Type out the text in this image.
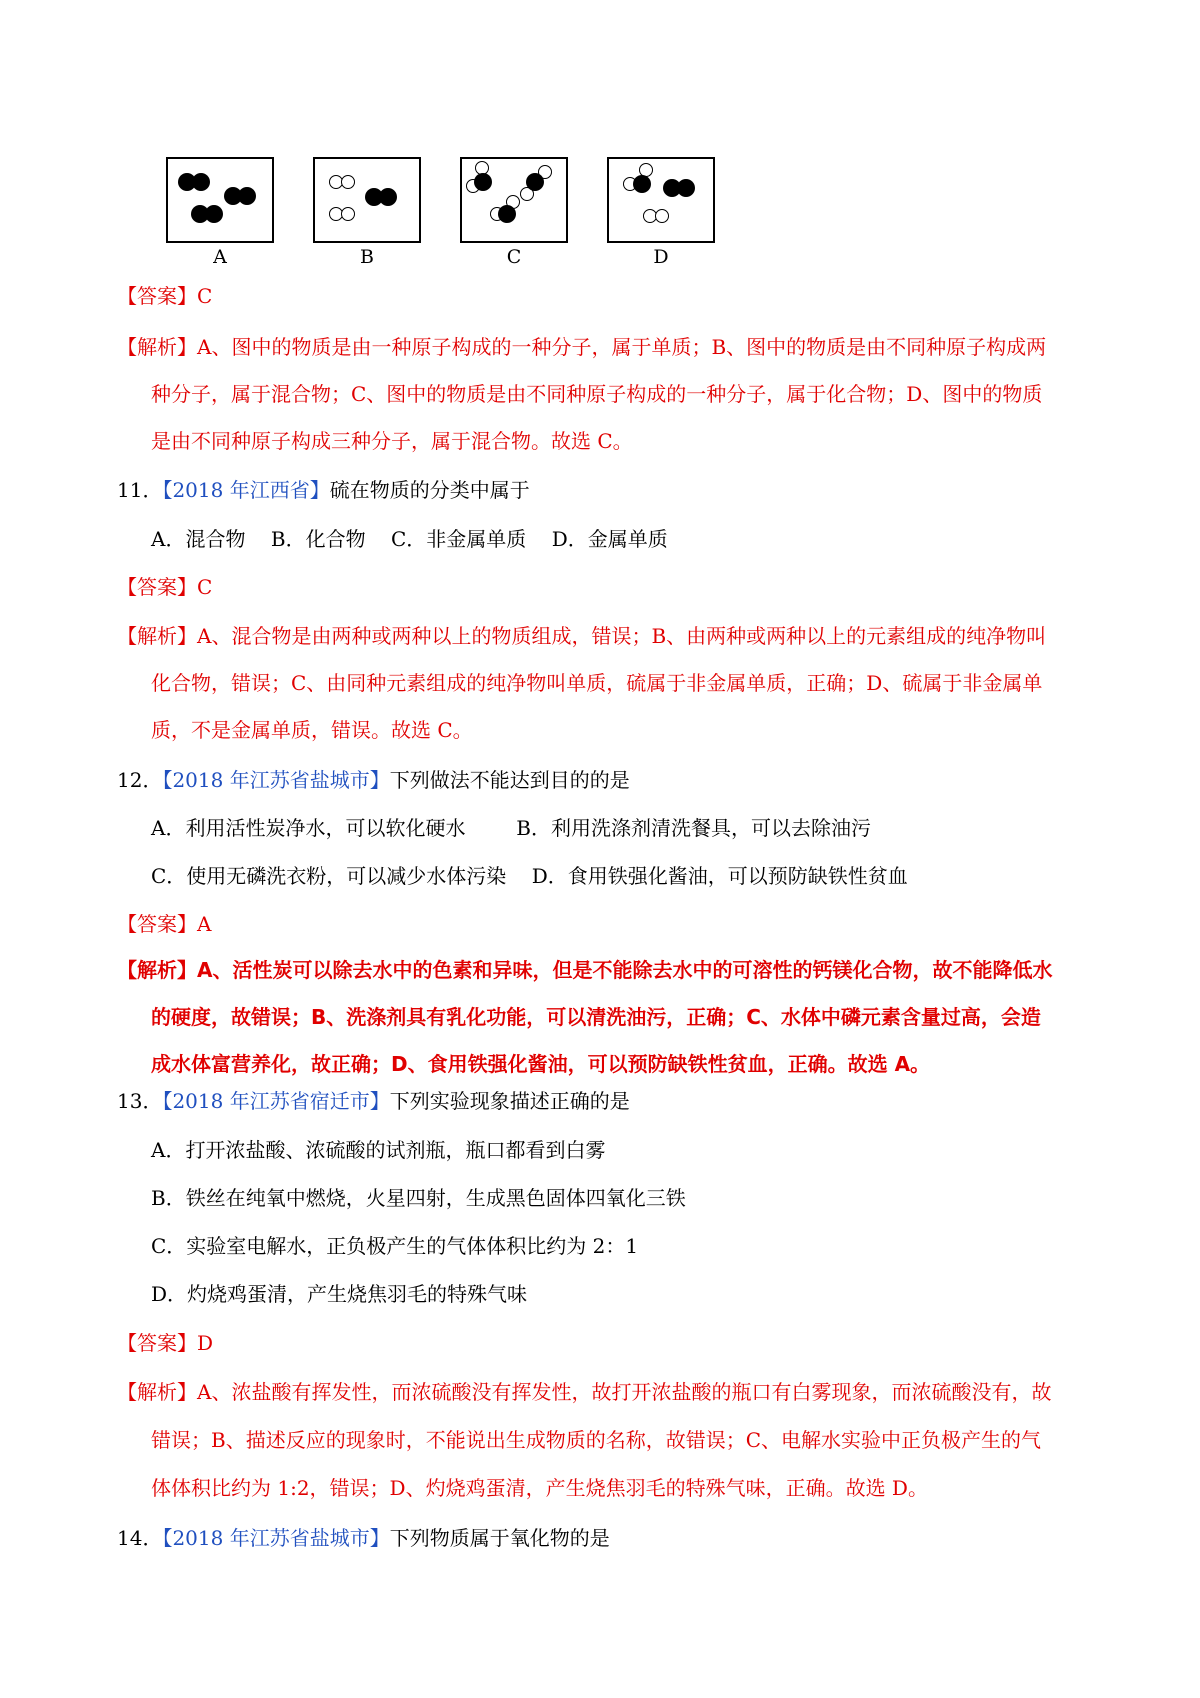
A	B	C	D
【答案】C
【解析】A、图中的物质是由一种原子构成的一种分子，属于单质；B、图中的物质是由不同种原子构成两
种分子，属于混合物；C、图中的物质是由不同种原子构成的一种分子，属于化合物；D、图中的物质
是由不同种原子构成三种分子，属于混合物。故选 C。
11．【2018 年江西省】硫在物质的分类中属于
A．混合物    B．化合物    C．非金属单质    D．金属单质
【答案】C
【解析】A、混合物是由两种或两种以上的物质组成，错误；B、由两种或两种以上的元素组成的纯净物叫
化合物，错误；C、由同种元素组成的纯净物叫单质，硫属于非金属单质，正确；D、硫属于非金属单
质，不是金属单质，错误。故选 C。
12．【2018 年江苏省盐城市】下列做法不能达到目的的是
A．利用活性炭净水，可以软化硬水        B．利用洗涤剂清洗餐具，可以去除油污
C．使用无磷洗衣粉，可以减少水体污染    D．食用铁强化酱油，可以预防缺铁性贫血
【答案】A
【解析】A、活性炭可以除去水中的色素和异味，但是不能除去水中的可溶性的钙镁化合物，故不能降低水
的硬度，故错误；B、洗涤剂具有乳化功能，可以清洗油污，正确；C、水体中磷元素含量过高，会造
成水体富营养化，故正确；D、食用铁强化酱油，可以预防缺铁性贫血，正确。故选 A。
13．【2018 年江苏省宿迁市】下列实验现象描述正确的是
A．打开浓盐酸、浓硫酸的试剂瓶，瓶口都看到白雾
B．铁丝在纯氧中燃烧，火星四射，生成黑色固体四氧化三铁
C．实验室电解水，正负极产生的气体体积比约为 2：1
D．灼烧鸡蛋清，产生烧焦羽毛的特殊气味
【答案】D
【解析】A、浓盐酸有挥发性，而浓硫酸没有挥发性，故打开浓盐酸的瓶口有白雾现象，而浓硫酸没有，故
错误；B、描述反应的现象时，不能说出生成物质的名称，故错误；C、电解水实验中正负极产生的气
体体积比约为 1:2，错误；D、灼烧鸡蛋清，产生烧焦羽毛的特殊气味，正确。故选 D。
14．【2018 年江苏省盐城市】下列物质属于氧化物的是
